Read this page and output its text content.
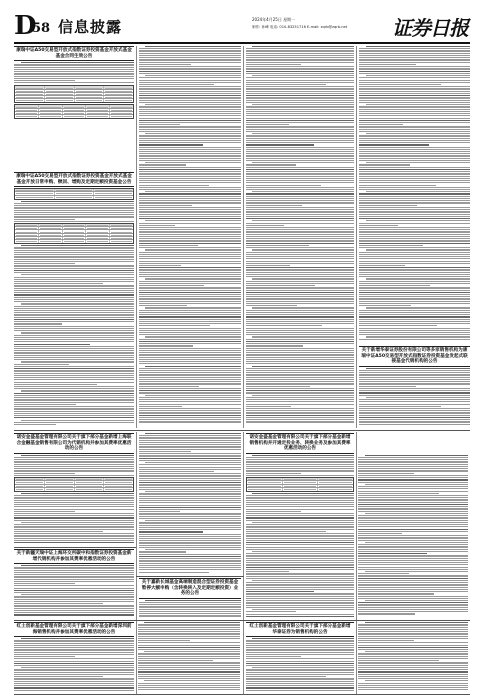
D
58 信息披露	2024年4月25日 星期一
制作: 孙峰 电话: 010-83251716 E-mail: zqrb@zqrb.net 证券日报
康瑞中证A50交易型开放式指数证券投资基金开放式基金基金合同生效公告
康瑞中证A50交易型开放式指数证券投资基金开放式基金基金开放日常申购、赎回、增购及定期定额投资基金公告
关于新增华泰证券股份有限公司等多家销售机构为康瑞中证A50交易型开放式指数证券投资基金发起式联接基金代销机构的公告
诺安金盛基金管理有限公司关于旗下部分基金新增上海联合金融基金销售有限公司为代销机构并参加其费率优惠活动的公告
诺安金盛基金管理有限公司关于旗下部分基金新增销售机构并开通定投业务、转换业务及参加其费率优惠活动的公告
关于新疆天瑞中证上海环交所碳中和指数证券投资基金新增代销机构并参加其费率优惠活动的公告
关于嘉新长城基金高端制造混合型证券投资基金暂停大额申购（含转换转入及定期定额投资）业务的公告
红土创新基金管理有限公司关于旗下部分基金新增深圳前海销售机构并参加其费率优惠活动的公告
红土创新基金管理有限公司关于旗下部分基金新增华泰证券为销售机构的公告
